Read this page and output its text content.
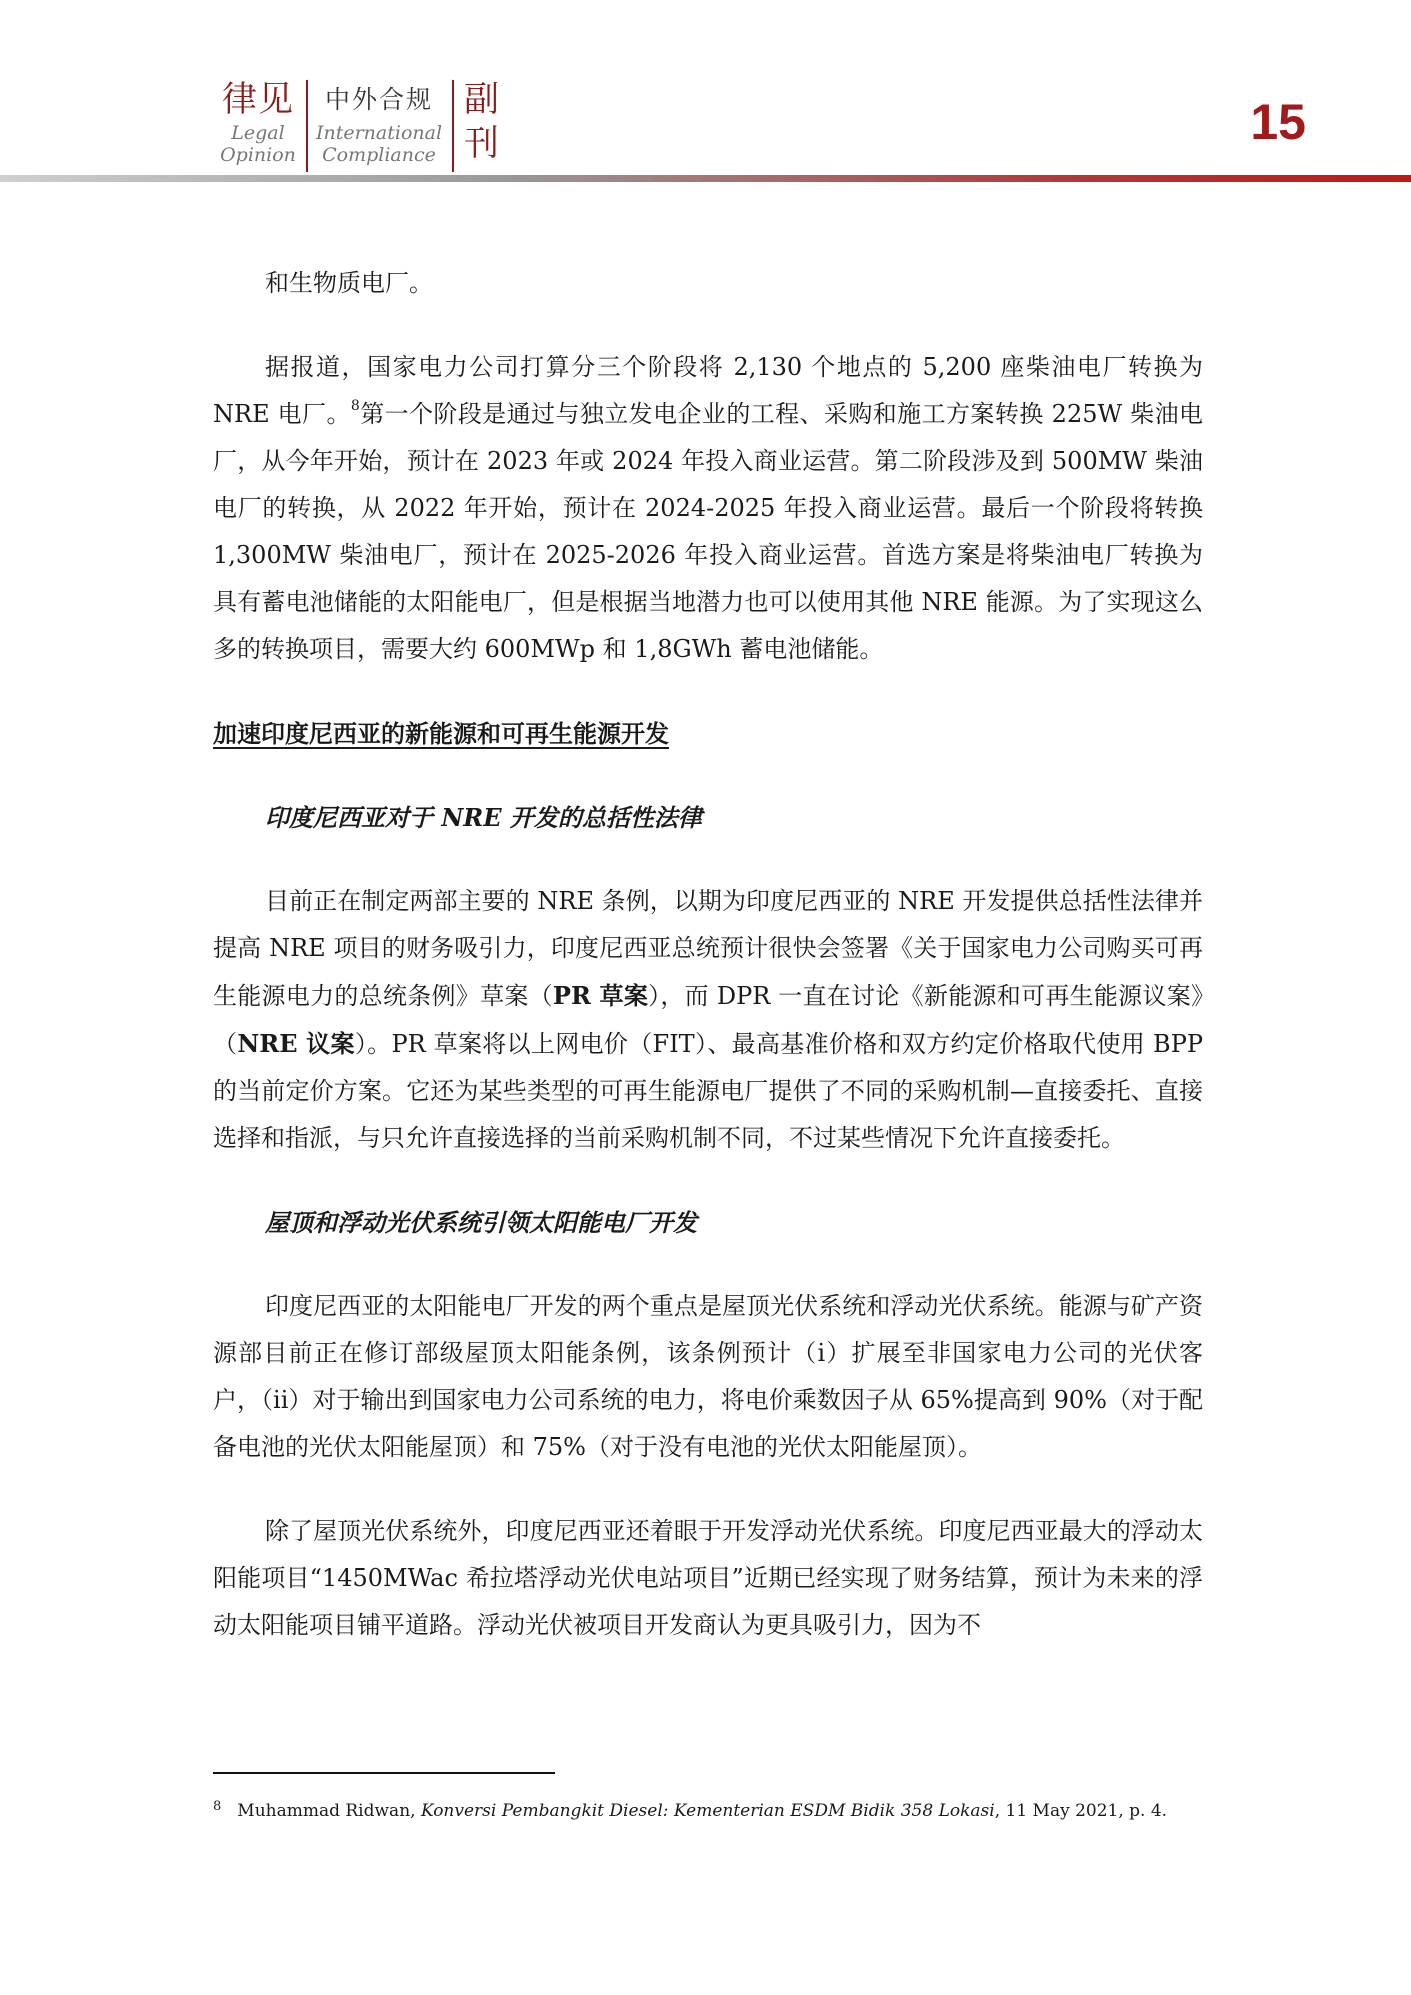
律见
Legal
Opinion
中外合规
International
Compliance
副
刊	15

和生物质电厂。

据报道，国家电力公司打算分三个阶段将 2,130 个地点的 5,200 座柴油电厂转换为 NRE 电厂。$^8$第一个阶段是通过与独立发电企业的工程、采购和施工方案转换 225W 柴油电厂，从今年开始，预计在 2023 年或 2024 年投入商业运营。第二阶段涉及到 500MW 柴油电厂的转换，从 2022 年开始，预计在 2024-2025 年投入商业运营。最后一个阶段将转换 1,300MW 柴油电厂，预计在 2025-2026 年投入商业运营。首选方案是将柴油电厂转换为具有蓄电池储能的太阳能电厂，但是根据当地潜力也可以使用其他 NRE 能源。为了实现这么多的转换项目，需要大约 600MWp 和 1,8GWh 蓄电池储能。

加速印度尼西亚的新能源和可再生能源开发

印度尼西亚对于 NRE 开发的总括性法律

目前正在制定两部主要的 NRE 条例，以期为印度尼西亚的 NRE 开发提供总括性法律并提高 NRE 项目的财务吸引力，印度尼西亚总统预计很快会签署《关于国家电力公司购买可再生能源电力的总统条例》草案（PR 草案），而 DPR 一直在讨论《新能源和可再生能源议案》（NRE 议案）。PR 草案将以上网电价（FIT）、最高基准价格和双方约定价格取代使用 BPP 的当前定价方案。它还为某些类型的可再生能源电厂提供了不同的采购机制—直接委托、直接选择和指派，与只允许直接选择的当前采购机制不同，不过某些情况下允许直接委托。

屋顶和浮动光伏系统引领太阳能电厂开发

印度尼西亚的太阳能电厂开发的两个重点是屋顶光伏系统和浮动光伏系统。能源与矿产资源部目前正在修订部级屋顶太阳能条例，该条例预计（i）扩展至非国家电力公司的光伏客户，（ii）对于输出到国家电力公司系统的电力，将电价乘数因子从 65%提高到 90%（对于配备电池的光伏太阳能屋顶）和 75%（对于没有电池的光伏太阳能屋顶）。

除了屋顶光伏系统外，印度尼西亚还着眼于开发浮动光伏系统。印度尼西亚最大的浮动太阳能项目“1450MWac 希拉塔浮动光伏电站项目”近期已经实现了财务结算，预计为未来的浮动太阳能项目铺平道路。浮动光伏被项目开发商认为更具吸引力，因为不

$^8$ Muhammad Ridwan, Konversi Pembangkit Diesel: Kementerian ESDM Bidik 358 Lokasi, 11 May 2021, p. 4.
